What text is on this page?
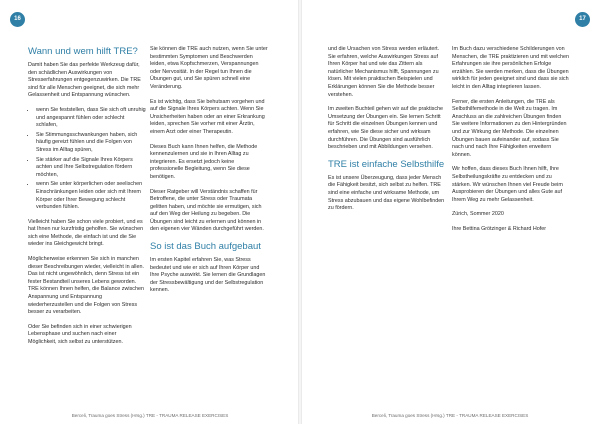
16
Wann und wem hilft TRE?

Damit haben Sie das perfekte Werkzeug dafür, den schädlichen Auswirkungen von Stresserfahrungen entgegenzuwirken. Die TRE sind für alle Menschen geeignet, die sich mehr Gelassenheit und Entspannung wünschen.

• wenn Sie feststellen, dass Sie sich oft unruhig und angespannt fühlen oder schlecht schlafen,
• Sie Stimmungsschwankungen haben, sich häufig gereizt fühlen und die Folgen von Stress im Alltag spüren,
• Sie stärker auf die Signale Ihres Körpers achten und Ihre Selbstregulation fördern möchten,
• wenn Sie unter körperlichen oder seelischen Einschränkungen leiden oder sich mit Ihrem Körper oder Ihrer Bewegung schlecht verbunden fühlen.

Vielleicht haben Sie schon viele probiert, und es hat Ihnen nur kurzfristig geholfen. Sie wünschen sich eine Methode, die einfach ist und die Sie wieder ins Gleichgewicht bringt.

Möglicherweise erkennen Sie sich in manchen dieser Beschreibungen wieder, vielleicht in allen. Das ist nicht ungewöhnlich, denn Stress ist ein fester Bestandteil unseres Lebens geworden. TRE können Ihnen helfen, die Balance zwischen Anspannung und Entspannung wiederherzustellen und die Folgen von Stress besser zu verarbeiten.

Oder Sie befinden sich in einer schwierigen Lebensphase und suchen nach einer Möglichkeit, sich selbst zu unterstützen.

Sie können die TRE auch nutzen, wenn Sie unter bestimmten Symptomen und Beschwerden leiden, etwa Kopfschmerzen, Verspannungen oder Nervosität. In der Regel tun Ihnen die Übungen gut, und Sie spüren schnell eine Veränderung.

Es ist wichtig, dass Sie behutsam vorgehen und auf die Signale Ihres Körpers achten. Wenn Sie Unsicherheiten haben oder an einer Erkrankung leiden, sprechen Sie vorher mit einer Ärztin, einem Arzt oder einer Therapeutin.

Dieses Buch kann Ihnen helfen, die Methode kennenzulernen und sie in Ihren Alltag zu integrieren. Es ersetzt jedoch keine professionelle Begleitung, wenn Sie diese benötigen.

Dieser Ratgeber will Verständnis schaffen für Betroffene, die unter Stress oder Traumata gelitten haben, und möchte sie ermutigen, sich auf den Weg der Heilung zu begeben. Die Übungen sind leicht zu erlernen und können in den eigenen vier Wänden durchgeführt werden.

So ist das Buch aufgebaut

Im ersten Kapitel erfahren Sie, was Stress bedeutet und wie er sich auf Ihren Körper und Ihre Psyche auswirkt. Sie lernen die Grundlagen der Stressbewältigung und der Selbstregulation kennen.

Berceli, Trauma goes Stress (Hrsg.) TRE - TRAUMA RELEASE EXERCISES
17

und die Ursachen von Stress werden erläutert. Sie erfahren, welche Auswirkungen Stress auf Ihren Körper hat und wie das Zittern als natürlicher Mechanismus hilft, Spannungen zu lösen. Mit vielen praktischen Beispielen und Erklärungen können Sie die Methode besser verstehen.

Im zweiten Buchteil gehen wir auf die praktische Umsetzung der Übungen ein. Sie lernen Schritt für Schritt die einzelnen Übungen kennen und erfahren, wie Sie diese sicher und wirksam durchführen. Die Übungen sind ausführlich beschrieben und mit Abbildungen versehen.

TRE ist einfache Selbsthilfe

Es ist unsere Überzeugung, dass jeder Mensch die Fähigkeit besitzt, sich selbst zu helfen. TRE sind eine einfache und wirksame Methode, um Stress abzubauen und das eigene Wohlbefinden zu fördern.

Im Buch dazu verschiedene Schilderungen von Menschen, die TRE praktizieren und mit welchen Erfahrungen sie ihre persönlichen Erfolge erzählen. Sie werden merken, dass die Übungen wirklich für jeden geeignet sind und dass sie sich leicht in den Alltag integrieren lassen.

Ferner, die ersten Anleitungen, die TRE als Selbsthilfemethode in die Welt zu tragen. Im Anschluss an die zahlreichen Übungen finden Sie weitere Informationen zu den Hintergründen und zur Wirkung der Methode. Die einzelnen Übungen bauen aufeinander auf, sodass Sie nach und nach Ihre Fähigkeiten erweitern können.

Wir hoffen, dass dieses Buch Ihnen hilft, Ihre Selbstheilungskräfte zu entdecken und zu stärken. Wir wünschen Ihnen viel Freude beim Ausprobieren der Übungen und alles Gute auf Ihrem Weg zu mehr Gelassenheit.

Zürich, Sommer 2020

Ihre Bettina Grötzinger & Richard Hofer

Berceli, Trauma goes Stress (Hrsg.) TRE - TRAUMA RELEASE EXERCISES
